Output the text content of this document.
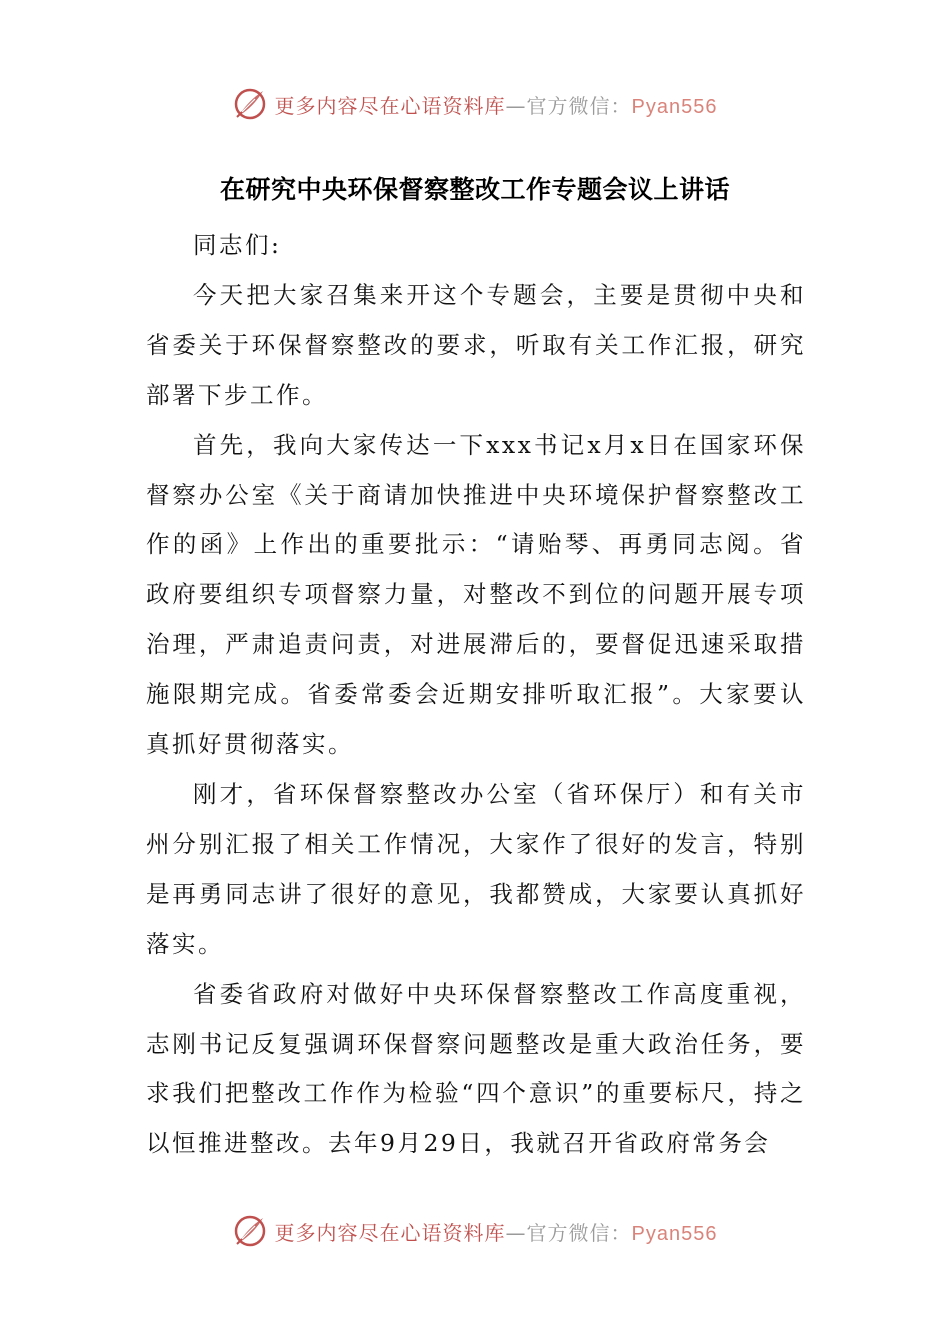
更多内容尽在心语资料库—官方微信：Pyan556
在研究中央环保督察整改工作专题会议上讲话

同志们:

今天把大家召集来开这个专题会，主要是贯彻中央和省委关于环保督察整改的要求，听取有关工作汇报，研究部署下步工作。

首先，我向大家传达一下xxx书记x月x日在国家环保督察办公室《关于商请加快推进中央环境保护督察整改工作的函》上作出的重要批示：“请贻琴、再勇同志阅。省政府要组织专项督察力量，对整改不到位的问题开展专项治理，严肃追责问责，对进展滞后的，要督促迅速采取措施限期完成。省委常委会近期安排听取汇报”。大家要认真抓好贯彻落实。

刚才，省环保督察整改办公室（省环保厅）和有关市州分别汇报了相关工作情况，大家作了很好的发言，特别是再勇同志讲了很好的意见，我都赞成，大家要认真抓好落实。

省委省政府对做好中央环保督察整改工作高度重视，志刚书记反复强调环保督察问题整改是重大政治任务，要求我们把整改工作作为检验“四个意识”的重要标尺，持之以恒推进整改。去年9月29日，我就召开省政府常务会

更多内容尽在心语资料库—官方微信：Pyan556
